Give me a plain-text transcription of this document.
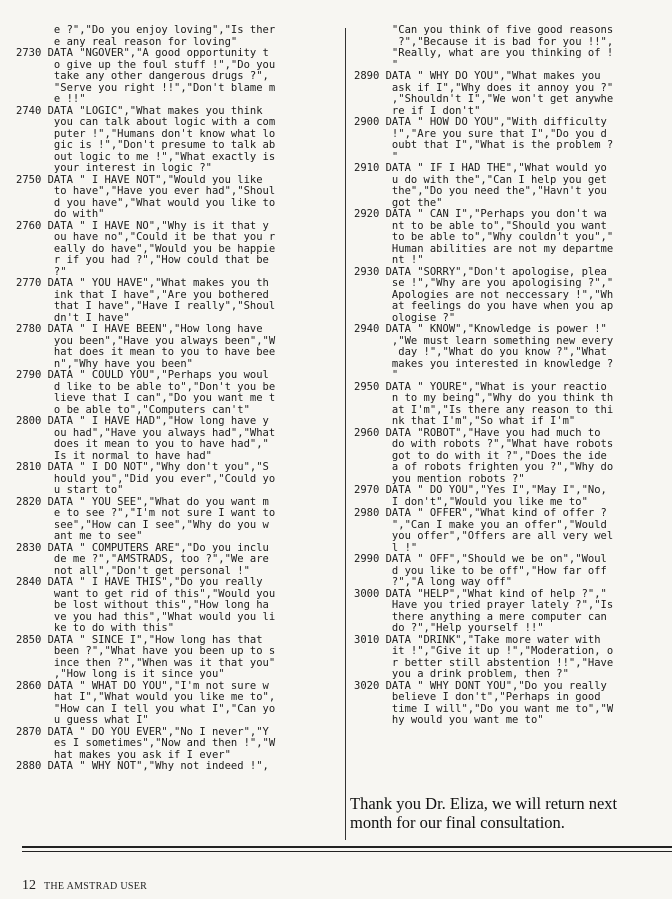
e ?","Do you enjoy loving","Is ther
e any real reason for loving"
2730 DATA "NGOVER","A good opportunity t
o give up the foul stuff !","Do you
take any other dangerous drugs ?",
"Serve you right !!","Don't blame m
e !!"
2740 DATA "LOGIC","What makes you think
you can talk about logic with a com
puter !","Humans don't know what lo
gic is !","Don't presume to talk ab
out logic to me !","What exactly is
your interest in logic ?"
2750 DATA " I HAVE NOT","Would you like
to have","Have you ever had","Shoul
d you have","What would you like to
do with"
2760 DATA " I HAVE NO","Why is it that y
ou have no","Could it be that you r
eally do have","Would you be happie
r if you had ?","How could that be
?"
2770 DATA " YOU HAVE","What makes you th
ink that I have","Are you bothered
that I have","Have I really","Shoul
dn't I have"
2780 DATA " I HAVE BEEN","How long have
you been","Have you always been","W
hat does it mean to you to have bee
n","Why have you been"
2790 DATA " COULD YOU","Perhaps you woul
d like to be able to","Don't you be
lieve that I can","Do you want me t
o be able to","Computers can't"
2800 DATA " I HAVE HAD","How long have y
ou had","Have you always had","What
does it mean to you to have had","
Is it normal to have had"
2810 DATA " I DO NOT","Why don't you","S
hould you","Did you ever","Could yo
u start to"
2820 DATA " YOU SEE","What do you want m
e to see ?","I'm not sure I want to
see","How can I see","Why do you w
ant me to see"
2830 DATA " COMPUTERS ARE","Do you inclu
de me ?","AMSTRADS, too ?","We are
not all","Don't get personal !"
2840 DATA " I HAVE THIS","Do you really
want to get rid of this","Would you
be lost without this","How long ha
ve you had this","What would you li
ke to do with this"
2850 DATA " SINCE I","How long has that
been ?","What have you been up to s
ince then ?","When was it that you"
,"How long is it since you"
2860 DATA " WHAT DO YOU","I'm not sure w
hat I","What would you like me to",
"How can I tell you what I","Can yo
u guess what I"
2870 DATA " DO YOU EVER","No I never","Y
es I sometimes","Now and then !","W
hat makes you ask if I ever"
2880 DATA " WHY NOT","Why not indeed !",
"Can you think of five good reasons
?","Because it is bad for you !!",
"Really, what are you thinking of !
"
2890 DATA " WHY DO YOU","What makes you
ask if I","Why does it annoy you ?"
,"Shouldn't I","We won't get anywhe
re if I don't"
2900 DATA " HOW DO YOU","With difficulty
!","Are you sure that I","Do you d
oubt that I","What is the problem ?
"
2910 DATA " IF I HAD THE","What would yo
u do with the","Can I help you get
the","Do you need the","Havn't you
got the"
2920 DATA " CAN I","Perhaps you don't wa
nt to be able to","Should you want
to be able to","Why couldn't you","
Human abilities are not my departme
nt !"
2930 DATA "SORRY","Don't apologise, plea
se !","Why are you apologising ?","
Apologies are not neccessary !","Wh
at feelings do you have when you ap
ologise ?"
2940 DATA " KNOW","Knowledge is power !"
,"We must learn something new every
day !","What do you know ?","What
makes you interested in knowledge ?
"
2950 DATA " YOURE","What is your reactio
n to my being","Why do you think th
at I'm","Is there any reason to thi
nk that I'm","So what if I'm"
2960 DATA "ROBOT","Have you had much to
do with robots ?","What have robots
got to do with it ?","Does the ide
a of robots frighten you ?","Why do
you mention robots ?"
2970 DATA " DO YOU","Yes I","May I","No,
I don't","Would you like me to"
2980 DATA " OFFER","What kind of offer ?
","Can I make you an offer","Would
you offer","Offers are all very wel
l !"
2990 DATA " OFF","Should we be on","Woul
d you like to be off","How far off
?","A long way off"
3000 DATA "HELP","What kind of help ?","
Have you tried prayer lately ?","Is
there anything a mere computer can
do ?","Help yourself !!"
3010 DATA "DRINK","Take more water with
it !","Give it up !","Moderation, o
r better still abstention !!","Have
you a drink problem, then ?"
3020 DATA " WHY DONT YOU","Do you really
believe I don't","Perhaps in good
time I will","Do you want me to","W
hy would you want me to"
Thank you Dr. Eliza, we will return next
month for our final consultation.
12 THE AMSTRAD USER
